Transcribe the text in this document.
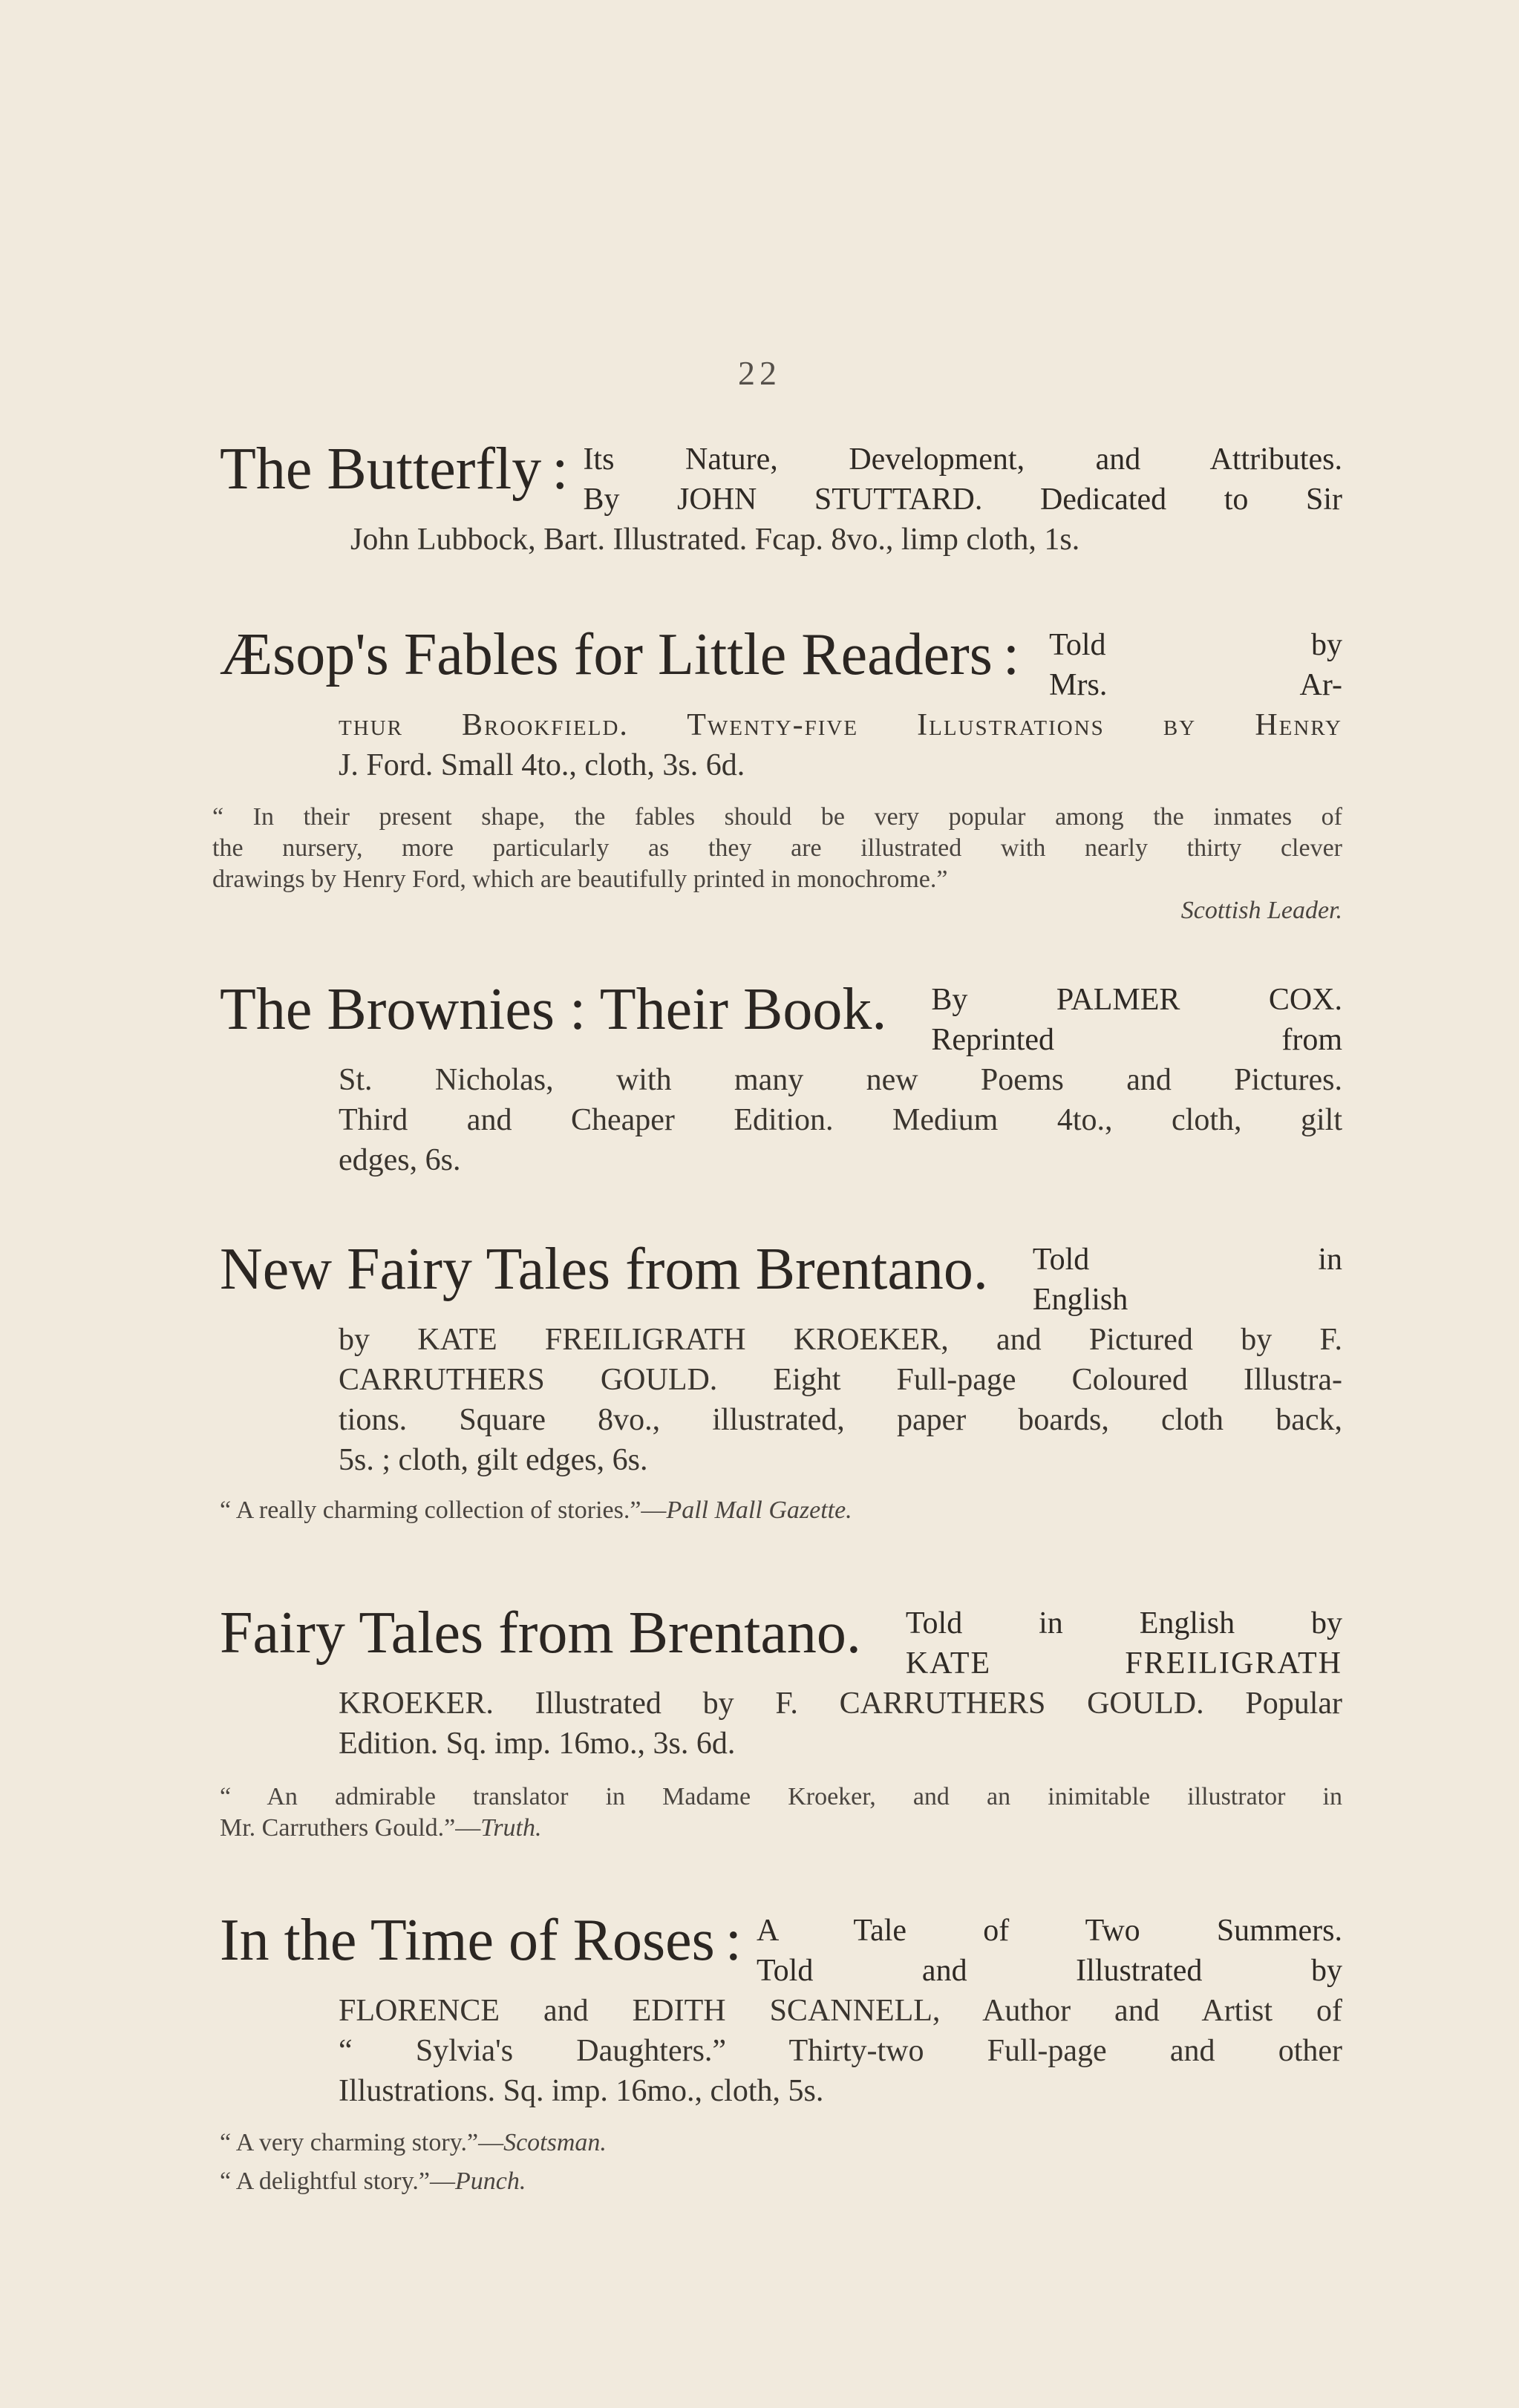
22
The Butterfly : Its Nature, Development, and Attributes.
By JOHN STUTTARD. Dedicated to Sir
John Lubbock, Bart. Illustrated. Fcap. 8vo., limp cloth, 1s.
Æsop's Fables for Little Readers : Told by
Mrs. Ar-
thur Brookfield. Twenty-five Illustrations by Henry
J. Ford. Small 4to., cloth, 3s. 6d.
“ In their present shape, the fables should be very popular among the inmates of
the nursery, more particularly as they are illustrated with nearly thirty clever
drawings by Henry Ford, which are beautifully printed in monochrome.”
Scottish Leader.
The Brownies : Their Book. By PALMER COX.
Reprinted from
St. Nicholas, with many new Poems and Pictures.
Third and Cheaper Edition. Medium 4to., cloth, gilt
edges, 6s.
New Fairy Tales from Brentano. Told in
English
by KATE FREILIGRATH KROEKER, and Pictured by F.
CARRUTHERS GOULD. Eight Full-page Coloured Illustra-
tions. Square 8vo., illustrated, paper boards, cloth back,
5s. ; cloth, gilt edges, 6s.
“ A really charming collection of stories.”—Pall Mall Gazette.
Fairy Tales from Brentano. Told in English by
KATE FREILIGRATH
KROEKER. Illustrated by F. CARRUTHERS GOULD. Popular
Edition. Sq. imp. 16mo., 3s. 6d.
“ An admirable translator in Madame Kroeker, and an inimitable illustrator in
Mr. Carruthers Gould.”—Truth.
In the Time of Roses : A Tale of Two Summers.
Told and Illustrated by
FLORENCE and EDITH SCANNELL, Author and Artist of
“ Sylvia's Daughters.” Thirty-two Full-page and other
Illustrations. Sq. imp. 16mo., cloth, 5s.
“ A very charming story.”—Scotsman.
“ A delightful story.”—Punch.
